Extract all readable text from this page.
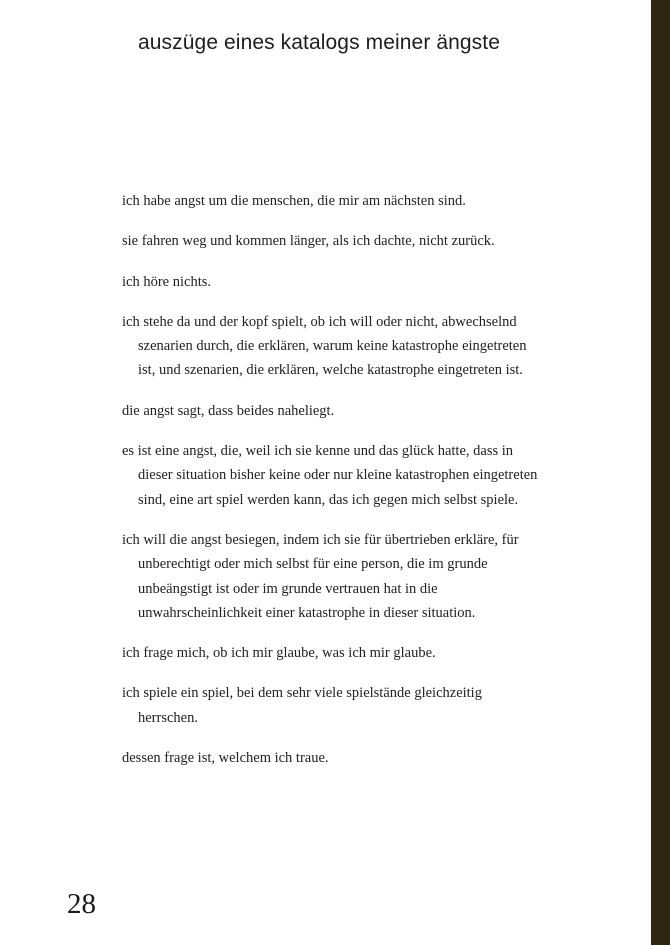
auszüge eines katalogs meiner ängste

ich habe angst um die menschen, die mir am nächsten sind.

sie fahren weg und kommen länger, als ich dachte, nicht zurück.

ich höre nichts.

ich stehe da und der kopf spielt, ob ich will oder nicht, abwechselnd szenarien durch, die erklären, warum keine katastrophe eingetreten ist, und szenarien, die erklären, welche katastrophe eingetreten ist.

die angst sagt, dass beides naheliegt.

es ist eine angst, die, weil ich sie kenne und das glück hatte, dass in dieser situation bisher keine oder nur kleine katastrophen eingetreten sind, eine art spiel werden kann, das ich gegen mich selbst spiele.

ich will die angst besiegen, indem ich sie für übertrieben erkläre, für unberechtigt oder mich selbst für eine person, die im grunde unbeängstigt ist oder im grunde vertrauen hat in die unwahrscheinlichkeit einer katastrophe in dieser situation.

ich frage mich, ob ich mir glaube, was ich mir glaube.

ich spiele ein spiel, bei dem sehr viele spielstände gleichzeitig herrschen.

dessen frage ist, welchem ich traue.

28
